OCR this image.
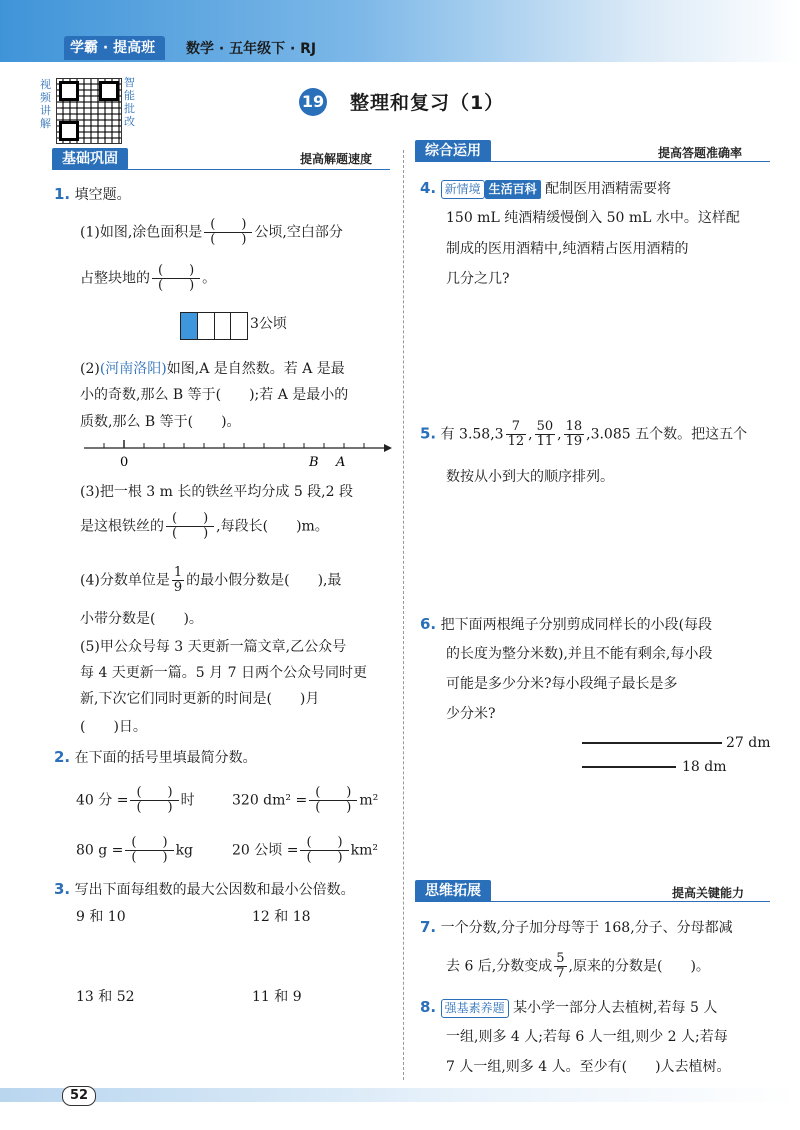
学霸 · 提高班	数学 · 五年级下 · RJ
视频讲解
智能批改
19 整理和复习（1）
基础巩固	提高解题速度	综合运用	提高答题准确率
思维拓展	提高关键能力
1. 填空题。
(1)如图,涂色面积是 $\frac{( )}{( )}$ 公顷,空白部分
占整块地的 $\frac{( )}{( )}$ 。
3公顷
(2)(河南洛阳)如图,A 是自然数。若 A 是最
小的奇数,那么 B 等于(　　);若 A 是最小的
质数,那么 B 等于(　　)。
0	B A
(3)把一根 3 m 长的铁丝平均分成 5 段,2 段
是这根铁丝的 $\frac{( )}{( )}$ ,每段长(　　)m。
(4)分数单位是 $\frac{1}{9}$ 的最小假分数是(　　),最
小带分数是(　　)。
(5)甲公众号每 3 天更新一篇文章,乙公众号
每 4 天更新一篇。5 月 7 日两个公众号同时更
新,下次它们同时更新的时间是(　　)月
(　　)日。
2. 在下面的括号里填最简分数。
40 分 = $\frac{( )}{( )}$ 时	320 $dm^2 = \frac{( )}{( )} m^2$
80 $g = \frac{( )}{( )}$ kg	20 公顷 = $\frac{( )}{( )} km^2$
3. 写出下面每组数的最大公因数和最小公倍数。
9 和 10	12 和 18
13 和 52	11 和 9
4. 新情境 生活百科 配制医用酒精需要将
150 mL 纯酒精缓慢倒入 50 mL 水中。这样配
制成的医用酒精中,纯酒精占医用酒精的
几分之几?
5. 有 $3.58,3 \frac{7}{12}$ , $\frac{50}{11}$ , $\frac{18}{19} ,3.085$ 五个数。把这五个
数按从小到大的顺序排列。
6. 把下面两根绳子分别剪成同样长的小段(每段
的长度为整分米数),并且不能有剩余,每小段
可能是多少分米?每小段绳子最长是多
少分米?
27 dm
18 dm
7. 一个分数,分子加分母等于 168,分子、分母都减
去 6 后,分数变成 $\frac{5}{7}$ ,原来的分数是(　　)。
8. 强基素养题 某小学一部分人去植树,若每 5 人
一组,则多 4 人;若每 6 人一组,则少 2 人;若每
7 人一组,则多 4 人。至少有(　　)人去植树。
52
